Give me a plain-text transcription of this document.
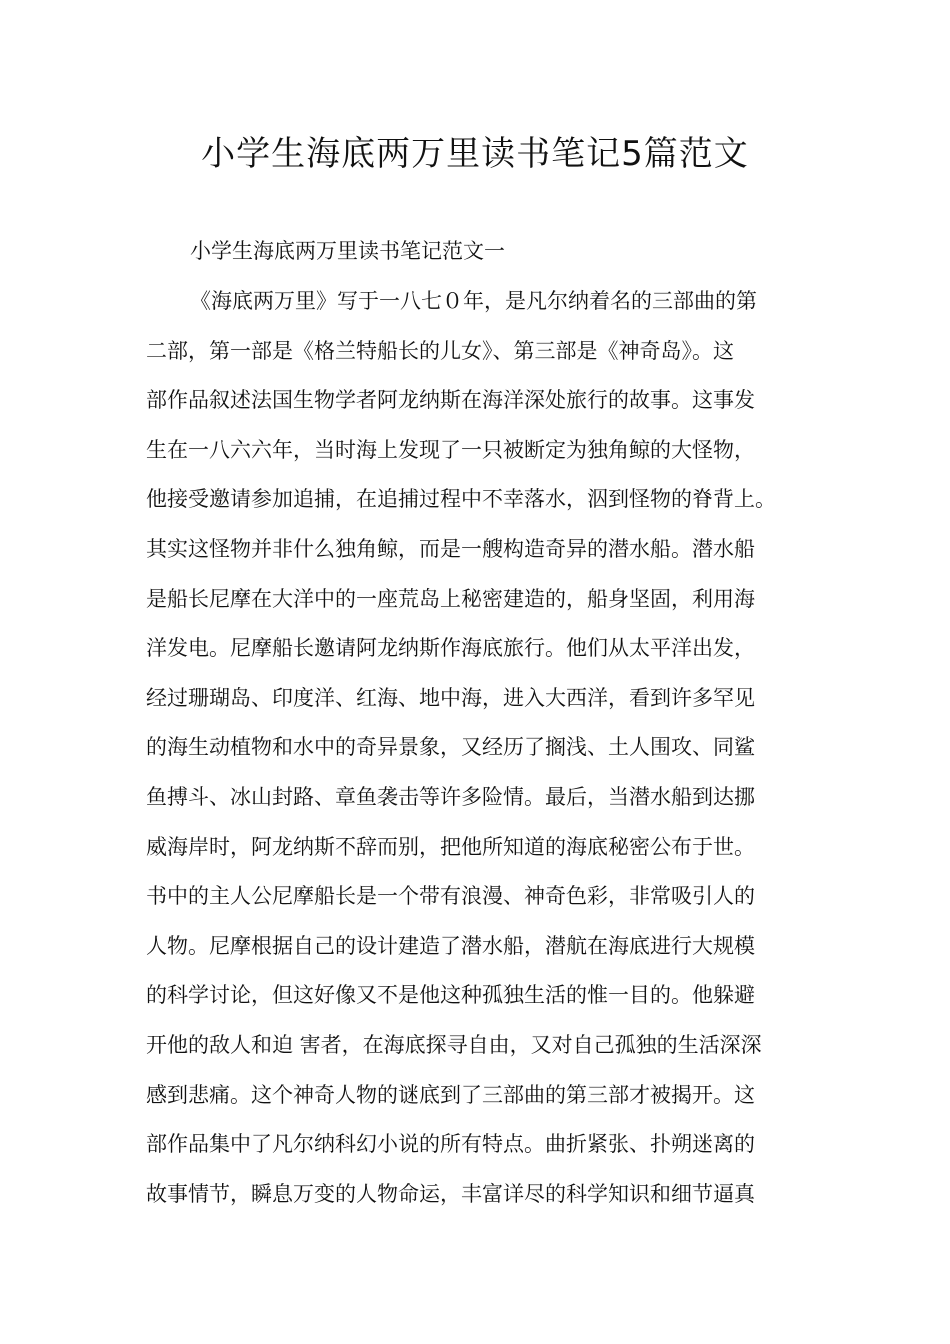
小学生海底两万里读书笔记5篇范文

小学生海底两万里读书笔记范文一

《海底两万里》写于一八七０年，是凡尔纳着名的三部曲的第
二部，第一部是《格兰特船长的儿女》、第三部是《神奇岛》。这
部作品叙述法国生物学者阿龙纳斯在海洋深处旅行的故事。这事发
生在一八六六年，当时海上发现了一只被断定为独角鲸的大怪物，
他接受邀请参加追捕，在追捕过程中不幸落水，泅到怪物的脊背上。
其实这怪物并非什么独角鲸，而是一艘构造奇异的潜水船。潜水船
是船长尼摩在大洋中的一座荒岛上秘密建造的，船身坚固，利用海
洋发电。尼摩船长邀请阿龙纳斯作海底旅行。他们从太平洋出发，
经过珊瑚岛、印度洋、红海、地中海，进入大西洋，看到许多罕见
的海生动植物和水中的奇异景象，又经历了搁浅、土人围攻、同鲨
鱼搏斗、冰山封路、章鱼袭击等许多险情。最后，当潜水船到达挪
威海岸时，阿龙纳斯不辞而别，把他所知道的海底秘密公布于世。
书中的主人公尼摩船长是一个带有浪漫、神奇色彩，非常吸引人的
人物。尼摩根据自己的设计建造了潜水船，潜航在海底进行大规模
的科学讨论，但这好像又不是他这种孤独生活的惟一目的。他躲避
开他的敌人和迫 害者，在海底探寻自由，又对自己孤独的生活深深
感到悲痛。这个神奇人物的谜底到了三部曲的第三部才被揭开。这
部作品集中了凡尔纳科幻小说的所有特点。曲折紧张、扑朔迷离的
故事情节，瞬息万变的人物命运，丰富详尽的科学知识和细节逼真
